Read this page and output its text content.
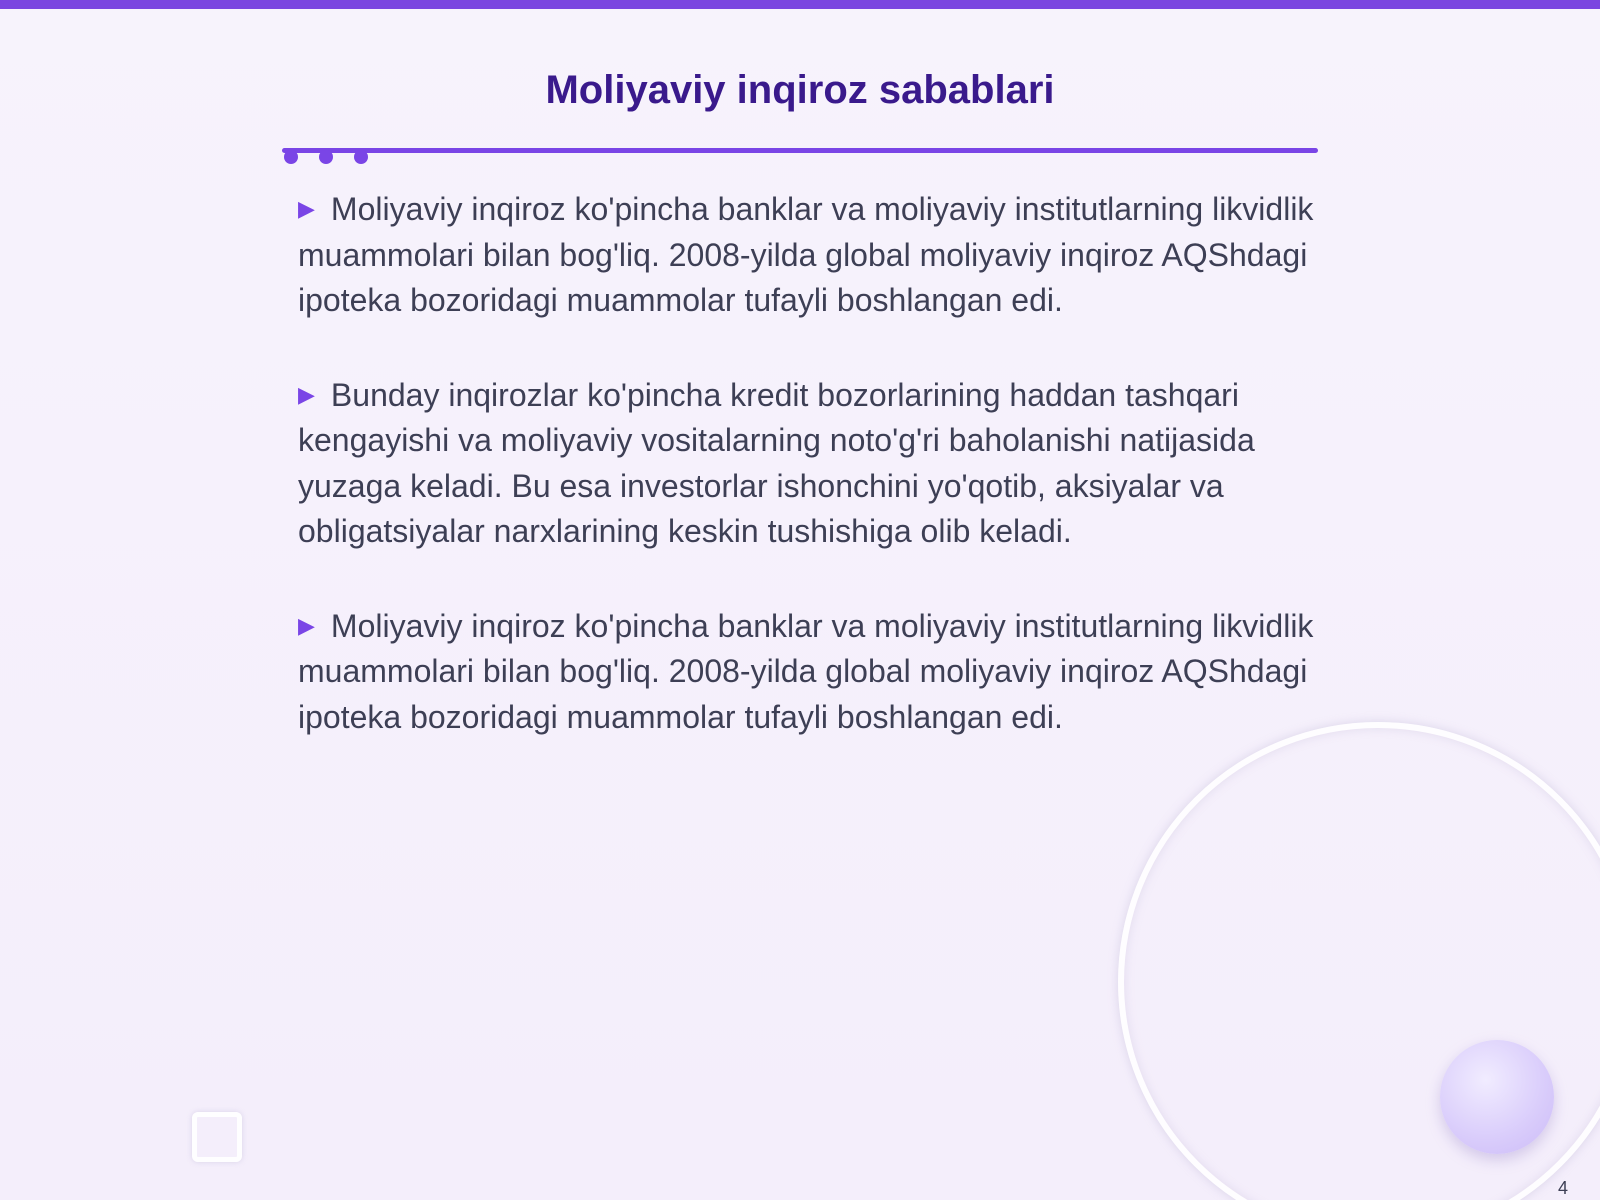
Moliyaviy inqiroz sabablari

▶ Moliyaviy inqiroz ko'pincha banklar va moliyaviy institutlarning likvidlik muammolari bilan bog'liq. 2008-yilda global moliyaviy inqiroz AQShdagi ipoteka bozoridagi muammolar tufayli boshlangan edi.

▶ Bunday inqirozlar ko'pincha kredit bozorlarining haddan tashqari kengayishi va moliyaviy vositalarning noto'g'ri baholanishi natijasida yuzaga keladi. Bu esa investorlar ishonchini yo'qotib, aksiyalar va obligatsiyalar narxlarining keskin tushishiga olib keladi.

▶ Moliyaviy inqiroz ko'pincha banklar va moliyaviy institutlarning likvidlik muammolari bilan bog'liq. 2008-yilda global moliyaviy inqiroz AQShdagi ipoteka bozoridagi muammolar tufayli boshlangan edi.

4
